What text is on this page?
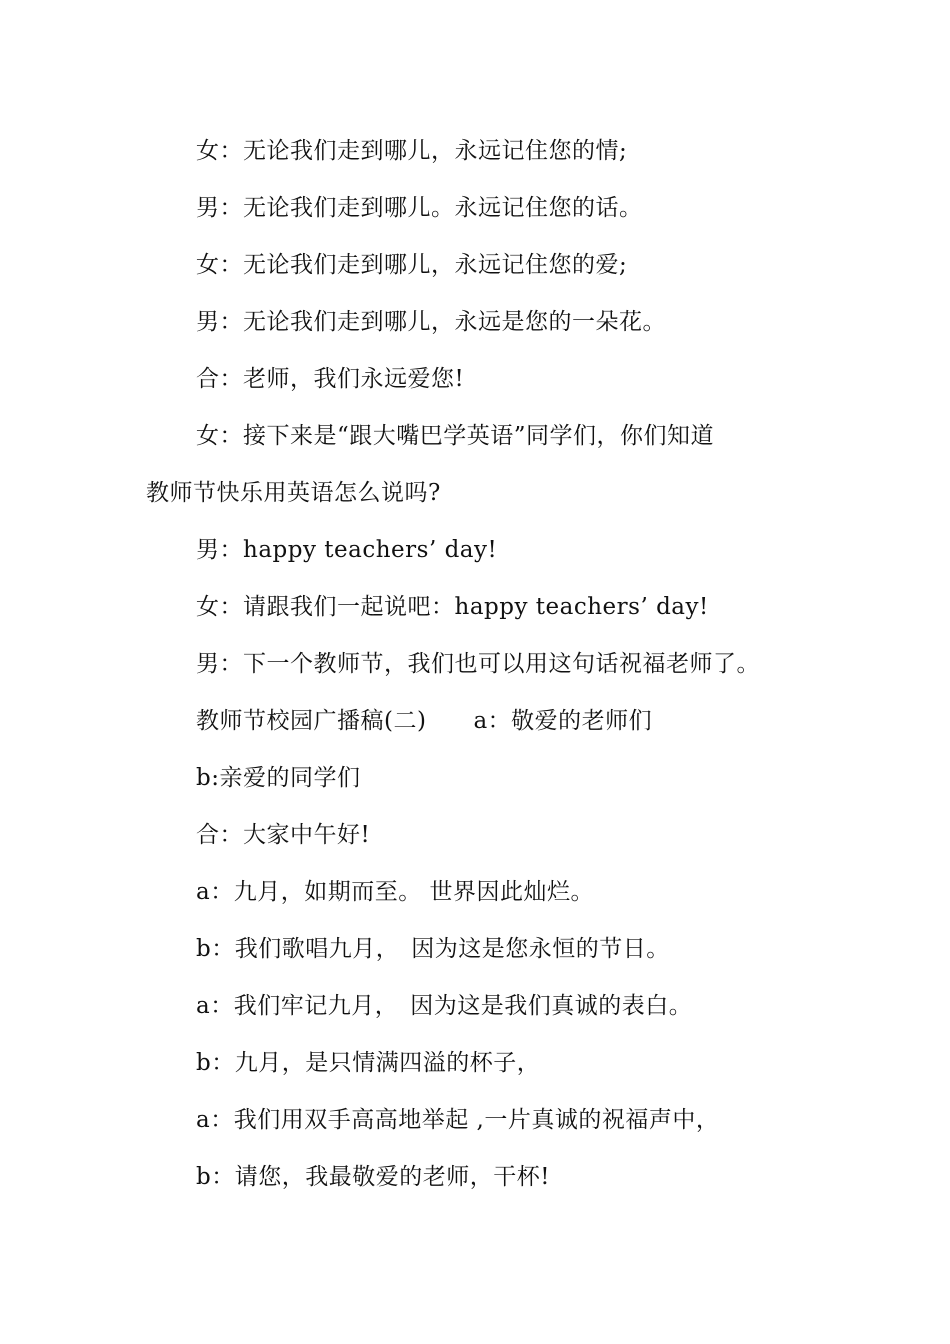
女：无论我们走到哪儿，永远记住您的情;
男：无论我们走到哪儿。永远记住您的话。
女：无论我们走到哪儿，永远记住您的爱;
男：无论我们走到哪儿，永远是您的一朵花。
合：老师，我们永远爱您!
女：接下来是“跟大嘴巴学英语”同学们，你们知道
教师节快乐用英语怎么说吗?
男：happy teachers’ day!
女：请跟我们一起说吧：happy teachers’ day!
男：下一个教师节，我们也可以用这句话祝福老师了。
教师节校园广播稿(二)　　a：敬爱的老师们
b:亲爱的同学们
合：大家中午好!
a：九月，如期而至。 世界因此灿烂。
b：我们歌唱九月，　因为这是您永恒的节日。
a：我们牢记九月，　因为这是我们真诚的表白。
b：九月，是只情满四溢的杯子，
a：我们用双手高高地举起 ,一片真诚的祝福声中，
b：请您，我最敬爱的老师，干杯!
